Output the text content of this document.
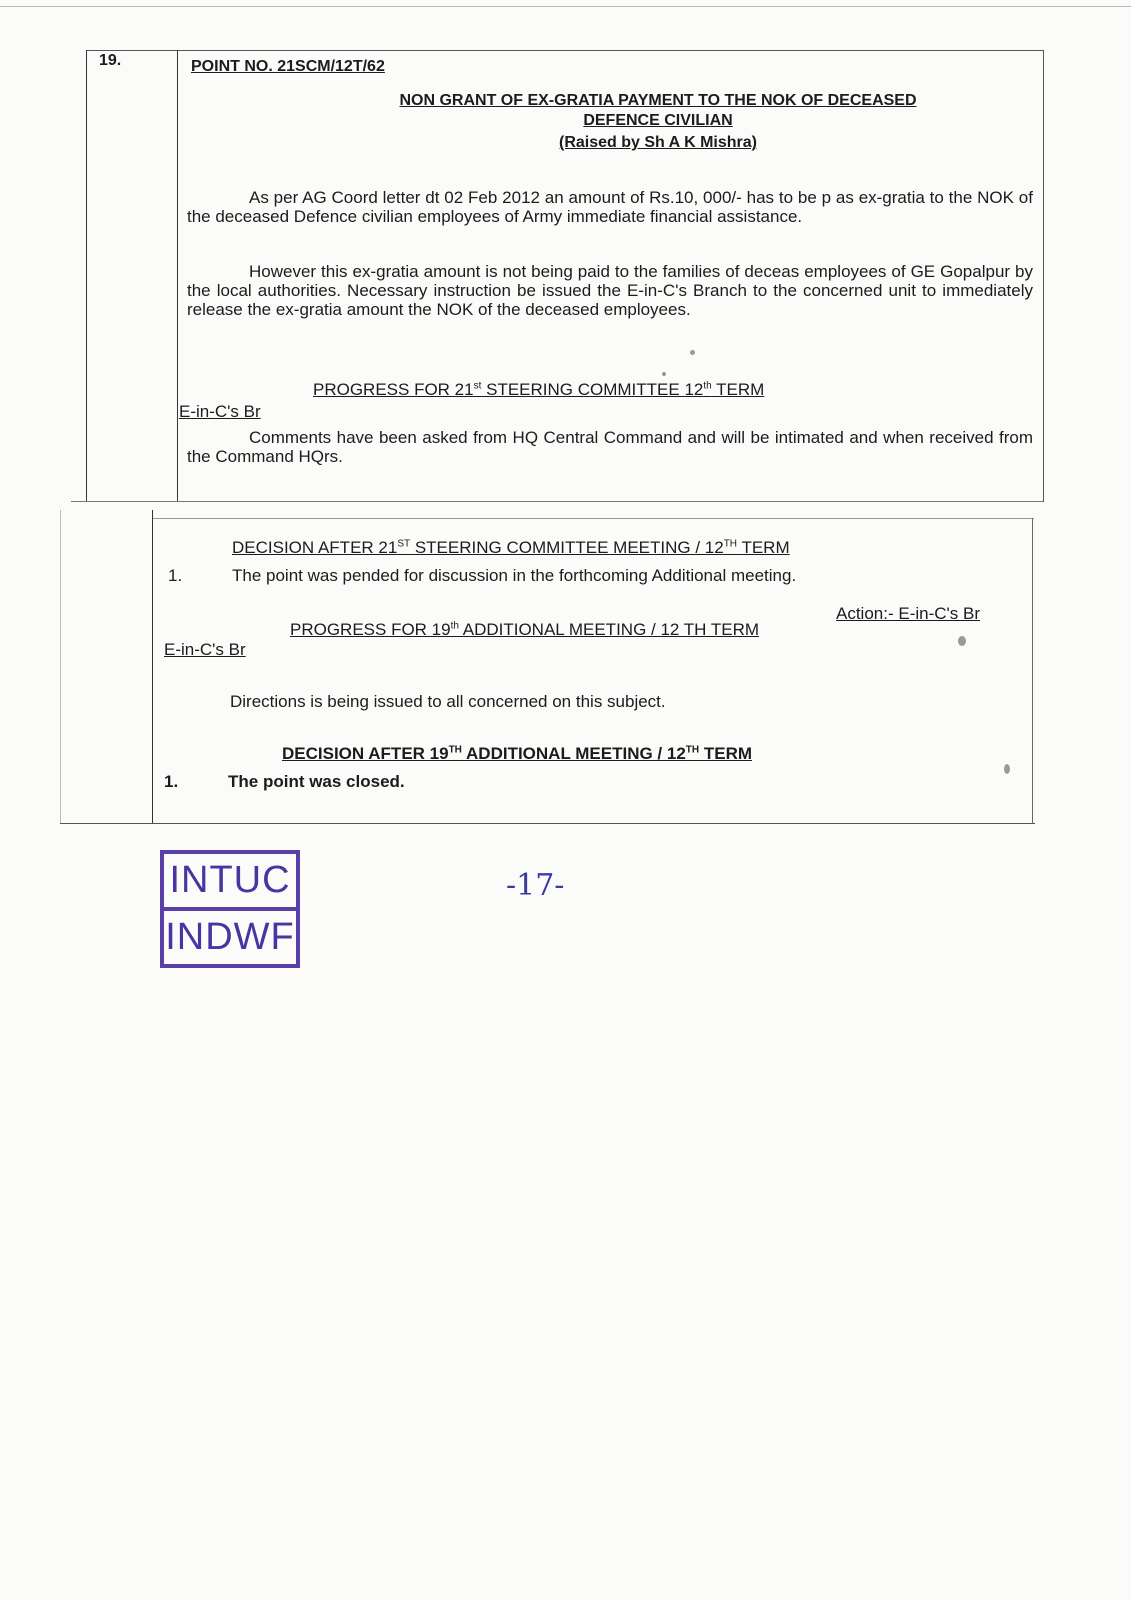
19.	POINT NO. 21SCM/12T/62
NON GRANT OF EX-GRATIA PAYMENT TO THE NOK OF DECEASED
DEFENCE CIVILIAN
(Raised by Sh A K Mishra)
As per AG Coord letter dt 02 Feb 2012 an amount of Rs.10, 000/- has to be p as ex-gratia to the NOK of the deceased Defence civilian employees of Army immediate financial assistance.
However this ex-gratia amount is not being paid to the families of deceas employees of GE Gopalpur by the local authorities. Necessary instruction be issued the E-in-C's Branch to the concerned unit to immediately release the ex-gratia amount the NOK of the deceased employees.
PROGRESS FOR 21st STEERING COMMITTEE 12th TERM
E-in-C's Br
Comments have been asked from HQ Central Command and will be intimated and when received from the Command HQrs.
DECISION AFTER 21ST STEERING COMMITTEE MEETING / 12TH TERM
1.	The point was pended for discussion in the forthcoming Additional meeting.
Action:- E-in-C's Br
PROGRESS FOR 19th ADDITIONAL MEETING / 12 TH TERM
E-in-C's Br
Directions is being issued to all concerned on this subject.
DECISION AFTER 19TH ADDITIONAL MEETING / 12TH TERM
1.	The point was closed.
INTUC
INDWF
-17-
